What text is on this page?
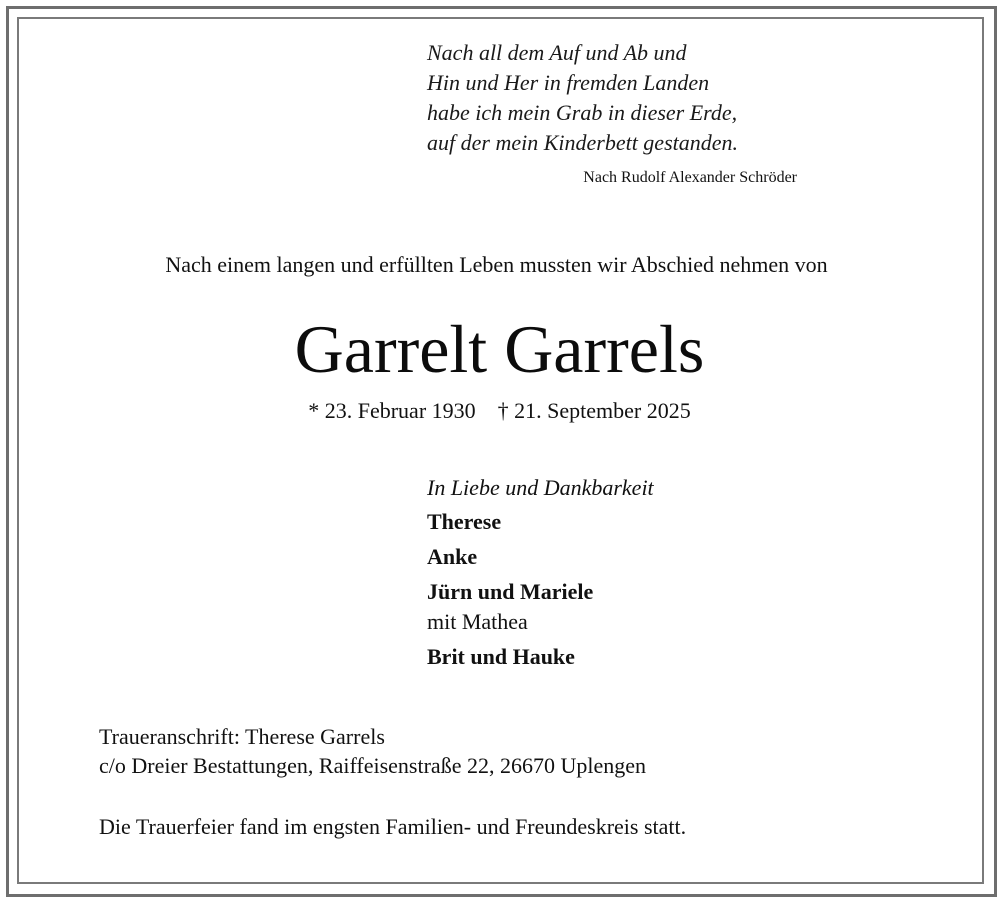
Nach all dem Auf und Ab und
Hin und Her in fremden Landen
habe ich mein Grab in dieser Erde,
auf der mein Kinderbett gestanden.
Nach Rudolf Alexander Schröder
Nach einem langen und erfüllten Leben mussten wir Abschied nehmen von
Garrelt Garrels
* 23. Februar 1930 † 21. September 2025
In Liebe und Dankbarkeit
Therese
Anke
Jürn und Mariele
mit Mathea
Brit und Hauke
Traueranschrift: Therese Garrels
c/o Dreier Bestattungen, Raiffeisenstraße 22, 26670 Uplengen
Die Trauerfeier fand im engsten Familien- und Freundeskreis statt.
